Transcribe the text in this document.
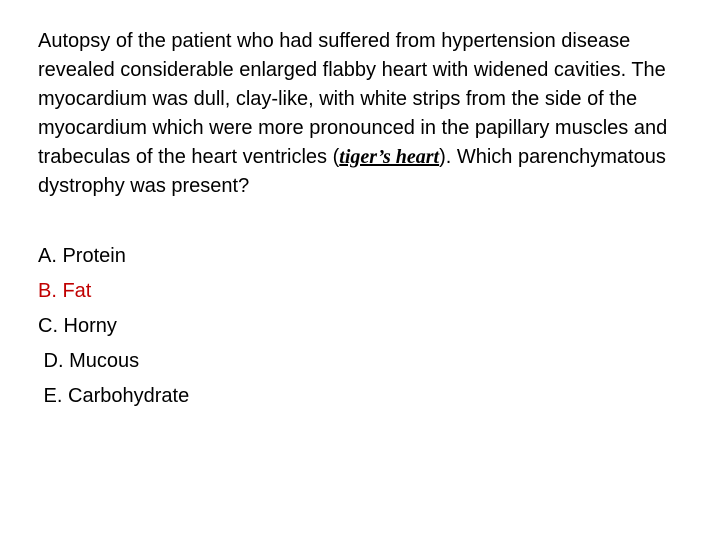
Autopsy of the patient who had suffered from hypertension disease revealed considerable enlarged flabby heart with widened cavities. The myocardium was dull, clay-like, with white strips from the side of the myocardium which were more pronounced in the papillary muscles and trabeculas of the heart ventricles (tiger’s heart). Which parenchymatous dystrophy was present?

A. Protein
B. Fat
C. Horny
D. Mucous
E. Carbohydrate
